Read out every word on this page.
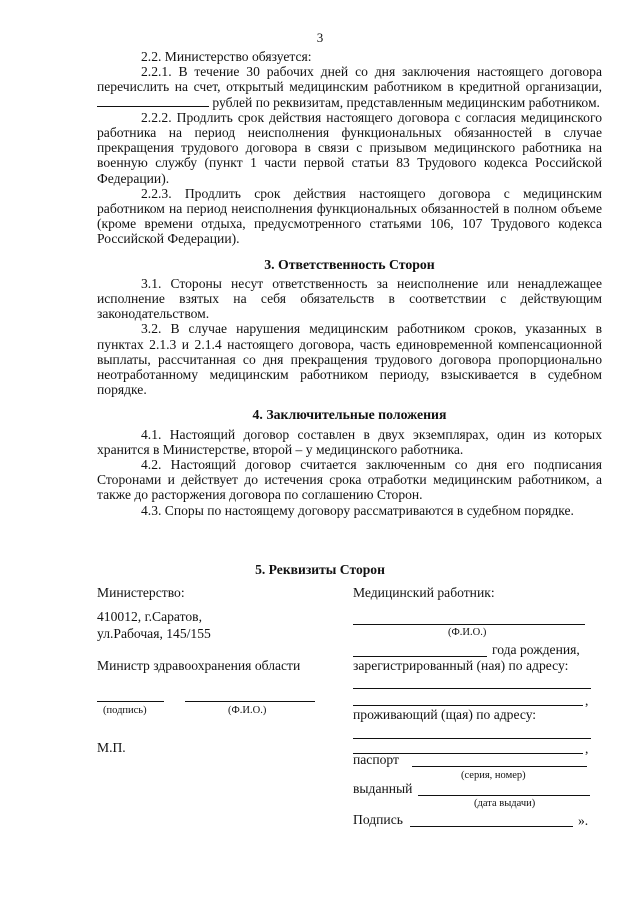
3

2.2. Министерство обязуется:

2.2.1. В течение 30 рабочих дней со дня заключения настоящего договора перечислить на счет, открытый медицинским работником в кредитной организации,  рублей по реквизитам, представленным медицинским работником.

2.2.2. Продлить срок действия настоящего договора с согласия медицинского работника на период неисполнения функциональных обязанностей в случае прекращения трудового договора в связи с призывом медицинского работника на военную службу (пункт 1 части первой статьи 83 Трудового кодекса Российской Федерации).

2.2.3. Продлить срок действия настоящего договора с медицинским работником на период неисполнения функциональных обязанностей в полном объеме (кроме времени отдыха, предусмотренного статьями 106, 107 Трудового кодекса Российской Федерации).

3. Ответственность Сторон

3.1. Стороны несут ответственность за неисполнение или ненадлежащее исполнение взятых на себя обязательств в соответствии с действующим законодательством.

3.2. В случае нарушения медицинским работником сроков, указанных в пунктах 2.1.3 и 2.1.4 настоящего договора, часть единовременной компенсационной выплаты, рассчитанная со дня прекращения трудового договора пропорционально неотработанному медицинским работником периоду, взыскивается в судебном порядке.

4. Заключительные положения

4.1. Настоящий договор составлен в двух экземплярах, один из которых хранится в Министерстве, второй – у медицинского работника.

4.2. Настоящий договор считается заключенным со дня его подписания Сторонами и действует до истечения срока отработки медицинским работником, а также до расторжения договора по соглашению Сторон.

4.3. Споры по настоящему договору рассматриваются в судебном порядке.

5. Реквизиты Сторон
Министерство:
410012, г.Саратов,
ул.Рабочая, 145/155
Министр здравоохранения области
(подпись)	(Ф.И.О.)
М.П.
Медицинский работник:
(Ф.И.О.)
года рождения,
зарегистрированный (ная) по адресу:
,
проживающий (щая) по адресу:
,
паспорт
(серия, номер)
выданный
(дата выдачи)
Подпись	».
